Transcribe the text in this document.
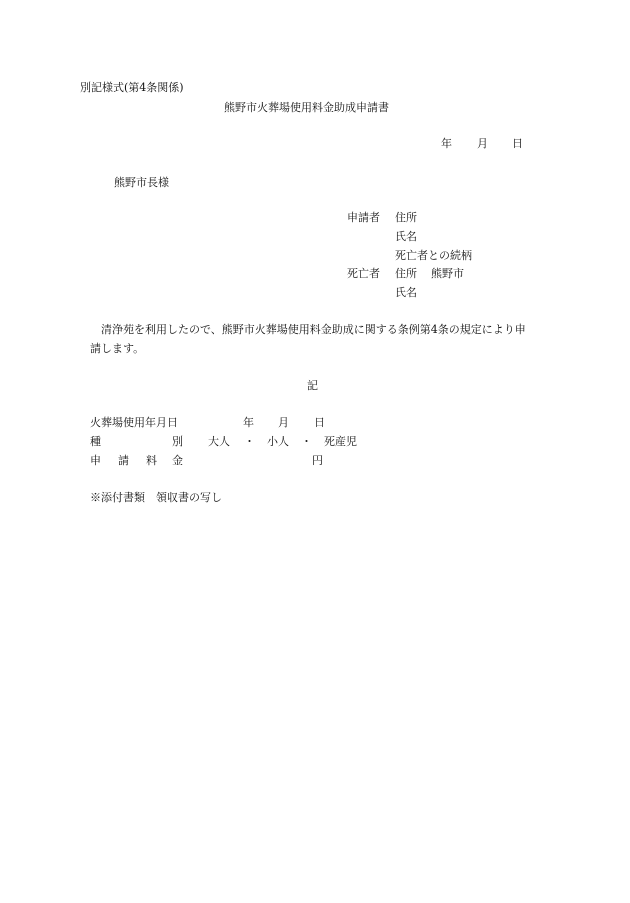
別記様式(第4条関係)
熊野市火葬場使用料金助成申請書
年 月 日
熊野市長様
申請者 住所
氏名
死亡者との続柄
死亡者 住所 熊野市
氏名
清浄苑を利用したので、熊野市火葬場使用料金助成に関する条例第4条の規定により申
請します。
記
火葬場使用年月日	年 月 日
種	別 大人 ・ 小人 ・ 死産児
申 請 料 金	円
※添付書類　領収書の写し
